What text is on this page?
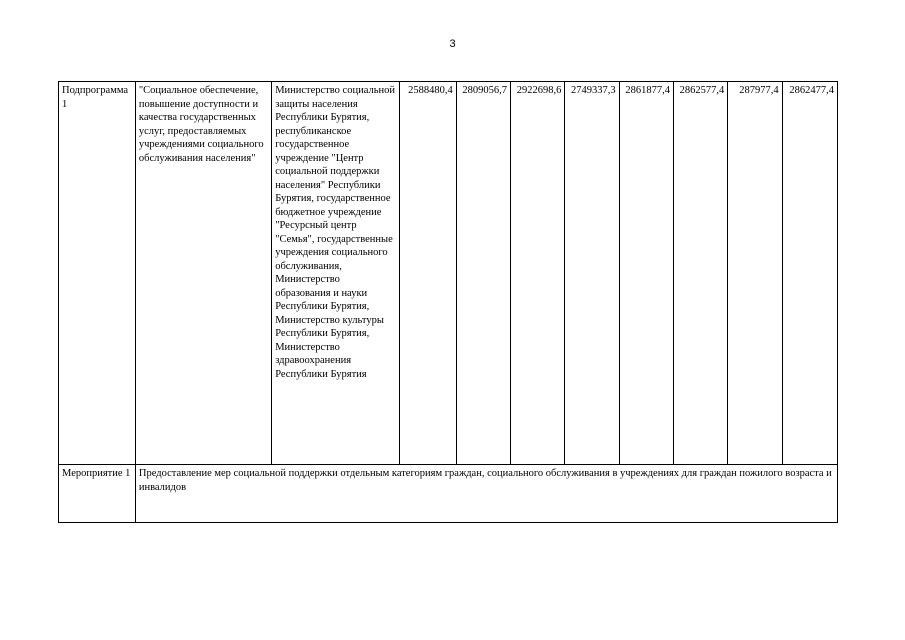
3
Подпрограмма 1	"Социальное обеспечение, повышение доступности и качества государственных услуг, предоставляемых учреждениями социального обслуживания населения"	Министерство социальной защиты населения Республики Бурятия, республиканское государственное учреждение "Центр социальной поддержки населения" Республики Бурятия, государственное бюджетное учреждение "Ресурсный центр "Семья", государственные учреждения социального обслуживания, Министерство образования и науки Республики Бурятия, Министерство культуры Республики Бурятия, Министерство здравоохранения Республики Бурятия	2588480,4	2809056,7	2922698,6	2749337,3	2861877,4	2862577,4	287977,4	2862477,4
Мероприятие 1	Предоставление мер социальной поддержки отдельным категориям граждан, социального обслуживания в учреждениях для граждан пожилого возраста и инвалидов									
